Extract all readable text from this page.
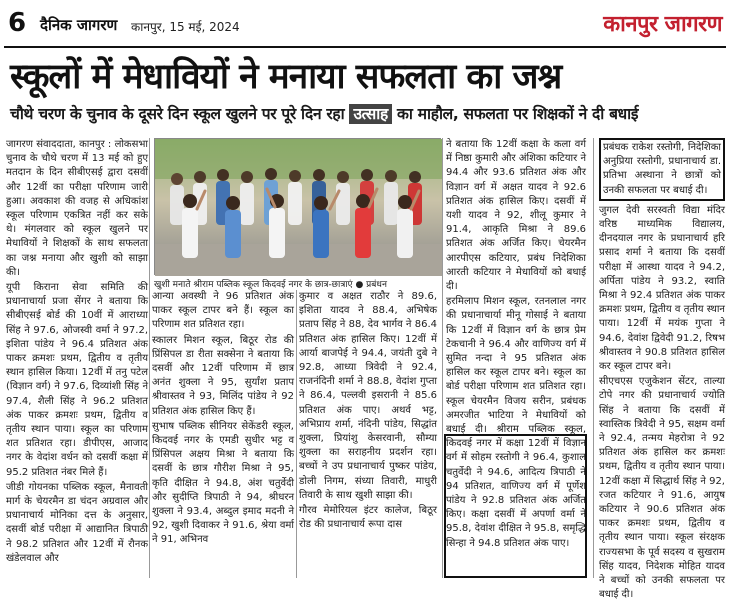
6 दैनिक जागरण कानपुर, 15 मई, 2024	कानपुर जागरण
स्कूलों में मेधावियों ने मनाया सफलता का जश्न
चौथे चरण के चुनाव के दूसरे दिन स्कूल खुलने पर पूरे दिन रहा उत्साह का माहौल, सफलता पर शिक्षकों ने दी बधाई

जागरण संवाददाता, कानपुर : लोकसभा चुनाव के चौथे चरण में 13 मई को हुए मतदान के दिन सीबीएसई द्वारा दसवीं और 12वीं का परीक्षा परिणाम जारी हुआ। अवकाश की वजह से अधिकांश स्कूल परिणाम एकत्रित नहीं कर सके थे। मंगलवार को स्कूल खुलने पर मेधावियों ने शिक्षकों के साथ सफलता का जश्न मनाया और खुशी को साझा की।

यूपी किराना सेवा समिति की प्रधानाचार्या प्रजा सेंगर ने बताया कि सीबीएसई बोर्ड की 10वीं में आराध्या सिंह ने 97.6, ओजस्वी वर्मा ने 97.2, इशिता पांडेय ने 96.4 प्रतिशत अंक पाकर क्रमशः प्रथम, द्वितीय व तृतीय स्थान हासिल किया। 12वीं में तनु पटेल (विज्ञान वर्ग) ने 97.6, दिव्यांशी सिंह ने 97.4, शैली सिंह ने 96.2 प्रतिशत अंक पाकर क्रमशः प्रथम, द्वितीय व तृतीय स्थान पाया। स्कूल का परिणाम शत प्रतिशत रहा। डीपीएस, आजाद नगर के वेदांश वर्धन को दसवीं कक्षा में 95.2 प्रतिशत नंबर मिले हैं।

जीडी गोयनका पब्लिक स्कूल, मैनावती मार्ग के चेयरमैन डा चंदन अग्रवाल और प्रधानाचार्य मोनिका दत्त के अनुसार, दसवीं बोर्ड परीक्षा में आद्यानित त्रिपाठी ने 98.2 प्रतिशत और 12वीं में रौनक खंडेलवाल और

खुशी मनाते श्रीराम पब्लिक स्कूल किदवई नगर के छात्र-छात्राएं ● प्रबंधन

आन्या अवस्थी ने 96 प्रतिशत अंक पाकर स्कूल टापर बने हैं। स्कूल का परिणाम शत प्रतिशत रहा।

स्कालर मिशन स्कूल, बिठूर रोड की प्रिंसिपल डा रीता सक्सेना ने बताया कि दसवीं और 12वीं परिणाम में छात्र अनंत शुक्ला ने 95, सुर्यांश प्रताप श्रीवास्तव ने 93, मिलिंद पांडेय ने 92 प्रतिशत अंक हासिल किए हैं।

सुभाष पब्लिक सीनियर सेकेंडरी स्कूल, किदवई नगर के एमडी सुधीर भट्ट व प्रिंसिपल अक्षय मिश्रा ने बताया कि दसवीं के छात्र गौरीश मिश्रा ने 95, कृति दीक्षित ने 94.8, अंश चतुर्वेदी और सुदीप्ति त्रिपाठी ने 94, श्रीधरन शुक्ला ने 93.4, अब्दुल इमाद मदनी ने 92, खुशी दिवाकर ने 91.6, श्रेया वर्मा ने 91, अभिनव

कुमार व अक्षत राठौर ने 89.6, इशिता यादव ने 88.4, अभिषेक प्रताप सिंह ने 88, देव भार्गव ने 86.4 प्रतिशत अंक हासिल किए। 12वीं में आर्या बाजपेई ने 94.4, जयंती दुबे ने 92.8, आध्या त्रिवेदी ने 92.4, राजनंदिनी शर्मा ने 88.8, वेदांश गुप्ता ने 86.4, पल्लवी इसरानी ने 85.6 प्रतिशत अंक पाए। अथर्व भट्ट, अभिप्राय शर्मा, नंदिनी पांडेय, सिद्धांत शुक्ला, प्रियांशु केसरवानी, सौम्या शुक्ला का सराहनीय प्रदर्शन रहा। बच्चों ने उप प्रधानाचार्य पुष्कर पांडेय, डोली निगम, संध्या तिवारी, माधुरी तिवारी के साथ खुशी साझा की।

गौरव मेमोरियल इंटर कालेज, बिठूर रोड की प्रधानाचार्य रूपा दास

ने बताया कि 12वीं कक्षा के कला वर्ग में निष्ठा कुमारी और अंशिका कटियार ने 94.4 और 93.6 प्रतिशत अंक और विज्ञान वर्ग में अक्षत यादव ने 92.6 प्रतिशत अंक हासिल किए। दसवीं में यशी यादव ने 92, शीलू कुमार ने 91.4, आकृति मिश्रा ने 89.6 प्रतिशत अंक अर्जित किए। चेयरमैन आरपीएस कटियार, प्रबंध निदेशिका आरती कटियार ने मेधावियों को बधाई दी।

हरमिलाप मिशन स्कूल, रतनलाल नगर की प्रधानाचार्या मीनू गोसाई ने बताया कि 12वीं में विज्ञान वर्ग के छात्र प्रेम टेकचानी ने 96.4 और वाणिज्य वर्ग में सुमित नन्दा ने 95 प्रतिशत अंक हासिल कर स्कूल टापर बने। स्कूल का बोर्ड परीक्षा परिणाम शत प्रतिशत रहा। स्कूल चेयरमैन विजय सरीन, प्रबंधक अमरजीत भाटिया ने मेधावियों को बधाई दी। श्रीराम पब्लिक स्कूल, किदवई नगर में कक्षा 12वीं में विज्ञान वर्ग में सोहम रस्तोगी ने 96.4, कुशाल चतुर्वेदी ने 94.6, आदित्य त्रिपाठी ने 94 प्रतिशत, वाणिज्य वर्ग में पूर्णेश पांडेय ने 92.8 प्रतिशत अंक अर्जित किए। कक्षा दसवीं में अपर्णा वर्मा ने 95.8, देवांश दीक्षित ने 95.8, समृद्धि सिन्हा ने 94.8 प्रतिशत अंक पाए।

प्रबंधक राकेश रस्तोगी, निदेशिका अनुप्रिया रस्तोगी, प्रधानाचार्य डा. प्रतिभा अस्थाना ने छात्रों को उनकी सफलता पर बधाई दी।

जुगल देवी सरस्वती विद्या मंदिर वरिष्ठ माध्यमिक विद्यालय, दीनदयाल नगर के प्रधानाचार्य हरि प्रसाद शर्मा ने बताया कि दसवीं परीक्षा में आस्था यादव ने 94.2, अर्पिता पांडेय ने 93.2, स्वाति मिश्रा ने 92.4 प्रतिशत अंक पाकर क्रमशः प्रथम, द्वितीय व तृतीय स्थान पाया। 12वीं में मयंक गुप्ता ने 94.6, देवांश द्विवेदी 91.2, रिषभ श्रीवास्तव ने 90.8 प्रतिशत हासिल कर स्कूल टापर बने।

सीएचएस एजुकेशन सेंटर, ताल्या टोपे नगर की प्रधानाचार्य ज्योति सिंह ने बताया कि दसवीं में स्वास्तिक त्रिवेदी ने 95, सक्षम वर्मा ने 92.4, तन्मय मेहरोत्रा ने 92 प्रतिशत अंक हासिल कर क्रमशः प्रथम, द्वितीय व तृतीय स्थान पाया। 12वीं कक्षा में सिद्धार्थ सिंह ने 92, रजत कटियार ने 91.6, आयुष कटियार ने 90.6 प्रतिशत अंक पाकर क्रमशः प्रथम, द्वितीय व तृतीय स्थान पाया। स्कूल संरक्षक राज्यसभा के पूर्व सदस्य व सुखराम सिंह यादव, निदेशक मोहित यादव ने बच्चों को उनकी सफलता पर बधाई दी।
